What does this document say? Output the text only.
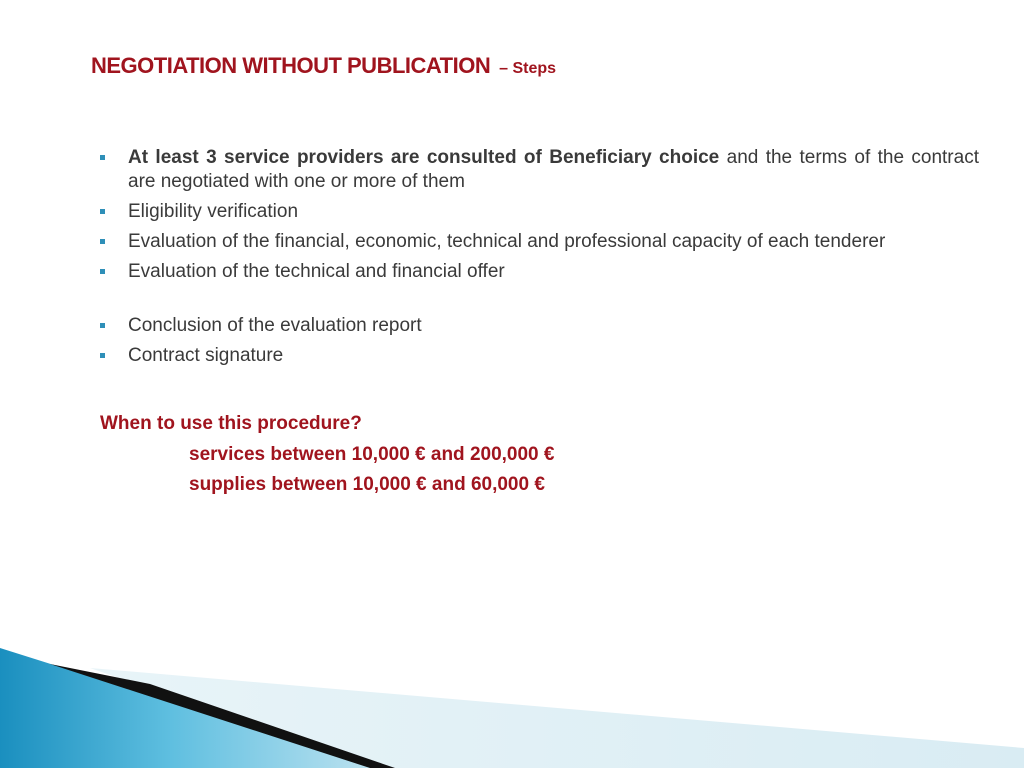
NEGOTIATION WITHOUT PUBLICATION – Steps
At least 3 service providers are consulted of Beneficiary choice and the terms of the contract are negotiated with one or more of them
Eligibility verification
Evaluation of the financial, economic, technical and professional capacity of each tenderer
Evaluation of the technical and financial offer
Conclusion of the evaluation report
Contract signature

When to use this procedure?

services between 10,000 € and 200,000 €

supplies between 10,000 € and 60,000 €
